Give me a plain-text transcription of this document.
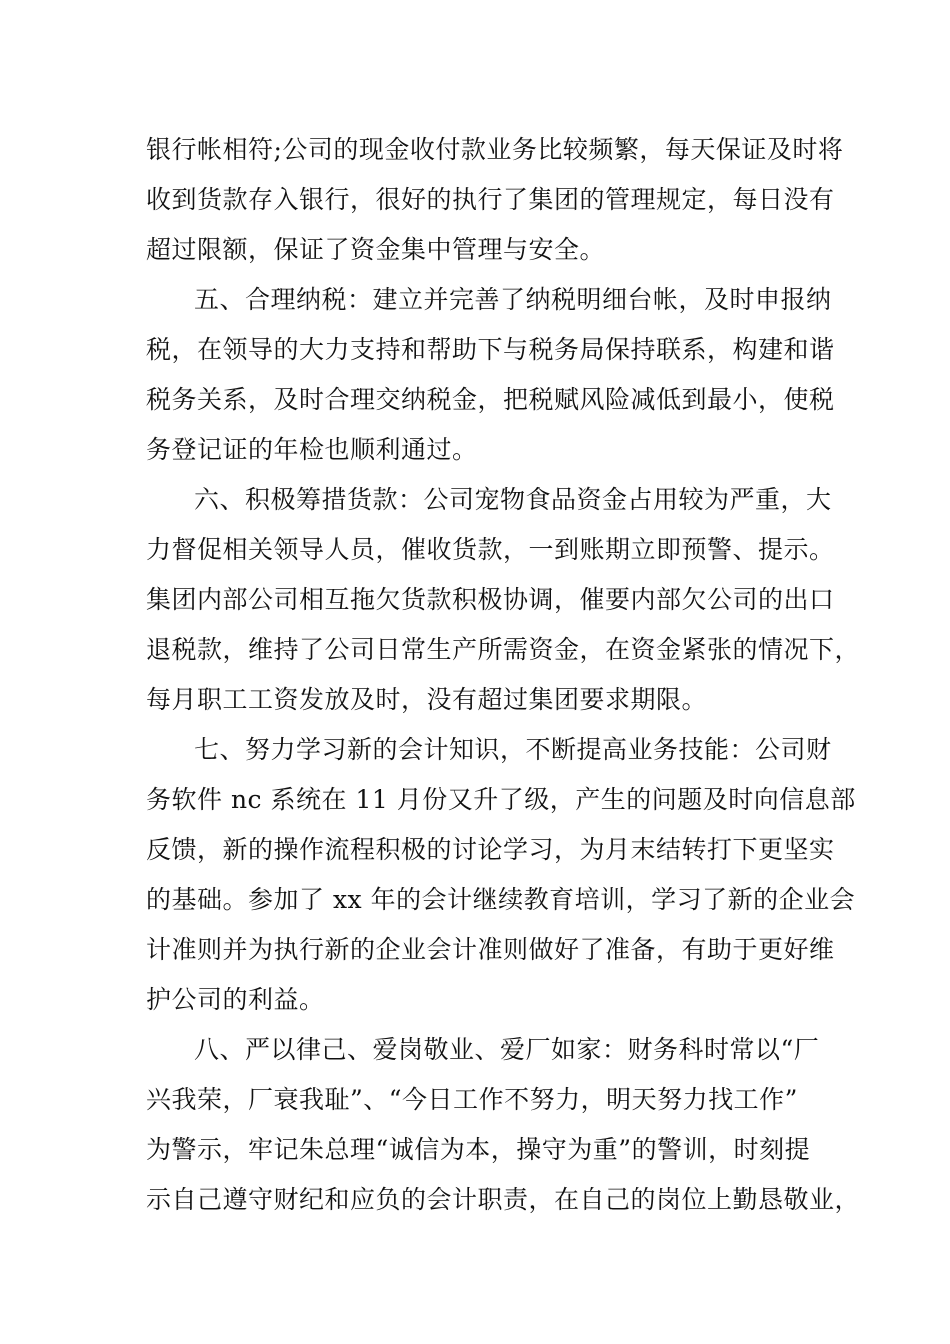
银行帐相符;公司的现金收付款业务比较频繁，每天保证及时将
收到货款存入银行，很好的执行了集团的管理规定，每日没有
超过限额，保证了资金集中管理与安全。
五、合理纳税：建立并完善了纳税明细台帐，及时申报纳
税，在领导的大力支持和帮助下与税务局保持联系，构建和谐
税务关系，及时合理交纳税金，把税赋风险减低到最小，使税
务登记证的年检也顺利通过。
六、积极筹措货款：公司宠物食品资金占用较为严重，大
力督促相关领导人员，催收货款，一到账期立即预警、提示。
集团内部公司相互拖欠货款积极协调，催要内部欠公司的出口
退税款，维持了公司日常生产所需资金，在资金紧张的情况下，
每月职工工资发放及时，没有超过集团要求期限。
七、努力学习新的会计知识，不断提高业务技能：公司财
务软件 nc 系统在 11 月份又升了级，产生的问题及时向信息部
反馈，新的操作流程积极的讨论学习，为月末结转打下更坚实
的基础。参加了 xx 年的会计继续教育培训，学习了新的企业会
计准则并为执行新的企业会计准则做好了准备，有助于更好维
护公司的利益。
八、严以律己、爱岗敬业、爱厂如家：财务科时常以“厂
兴我荣，厂衰我耻”、“今日工作不努力，明天努力找工作”
为警示，牢记朱总理“诚信为本，操守为重”的警训，时刻提
示自己遵守财纪和应负的会计职责，在自己的岗位上勤恳敬业，
